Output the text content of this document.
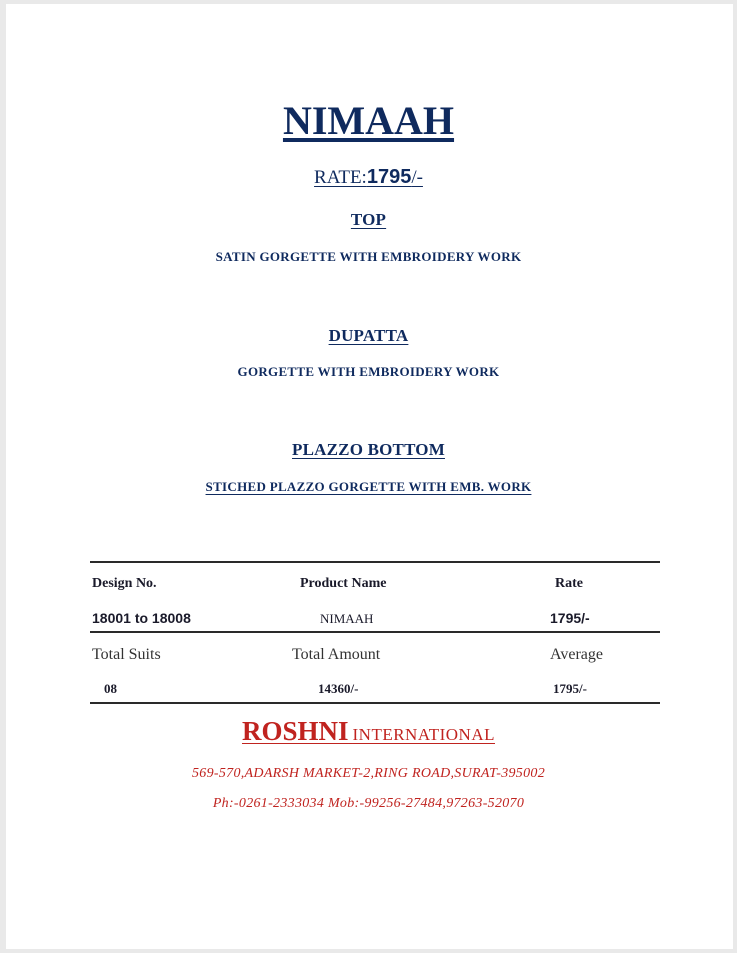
NIMAAH
RATE:1795/-
TOP
SATIN GORGETTE WITH EMBROIDERY WORK
DUPATTA
GORGETTE WITH EMBROIDERY WORK
PLAZZO BOTTOM
STICHED PLAZZO GORGETTE WITH EMB. WORK
Design No.	Product Name	Rate
18001 to 18008	NIMAAH	1795/-
Total Suits	Total Amount	Average
08	14360/-	1795/-
ROSHNI INTERNATIONAL
569-570,ADARSH MARKET-2,RING ROAD,SURAT-395002
Ph:-0261-2333034 Mob:-99256-27484,97263-52070
